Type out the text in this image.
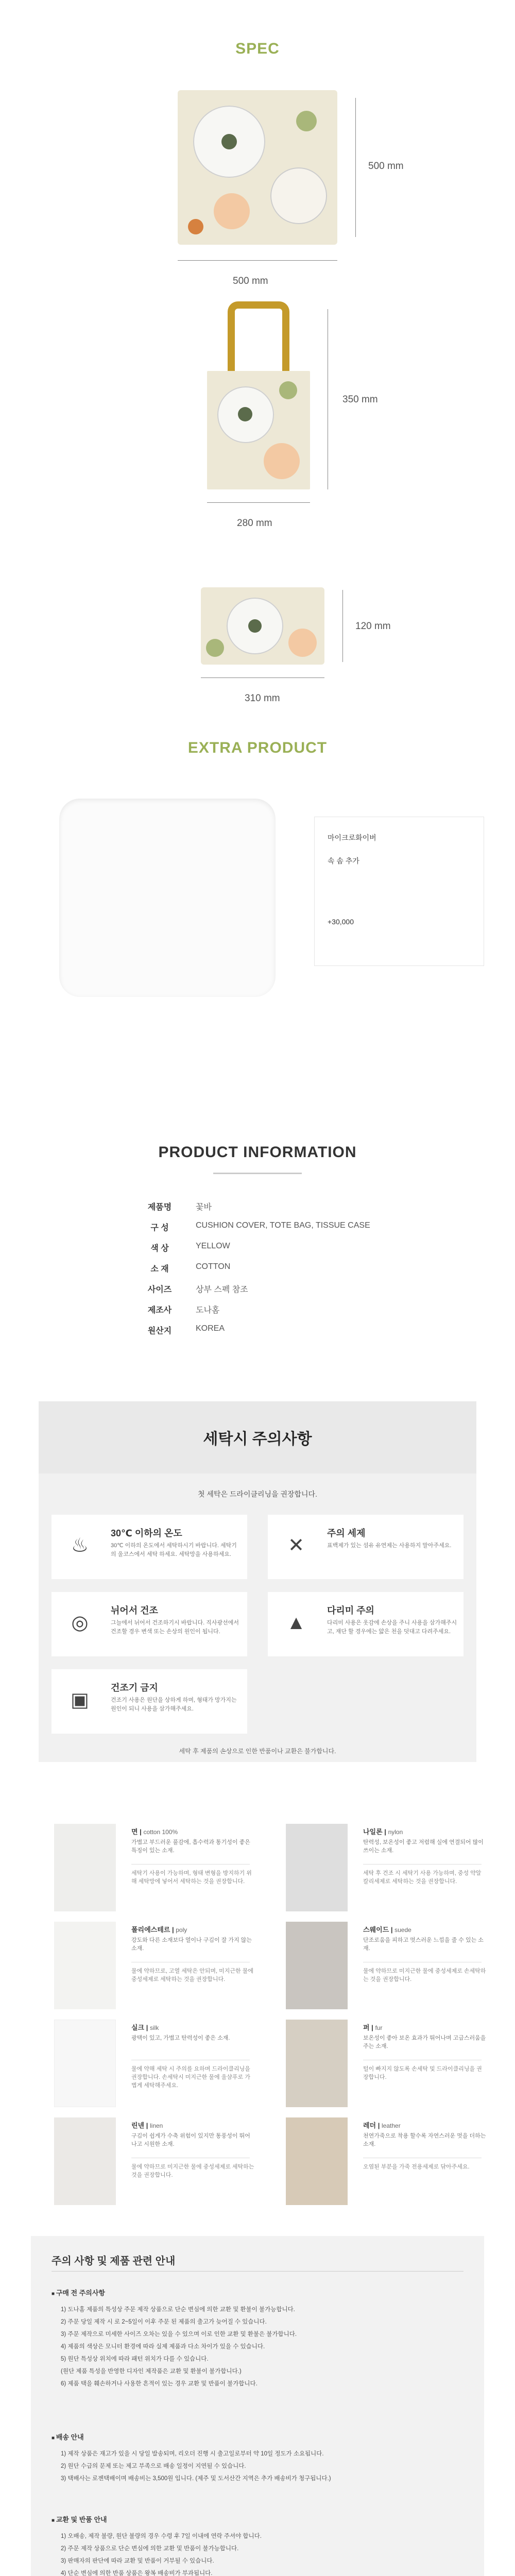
SPEC
500 mm
500 mm
350 mm
280 mm
120 mm
310 mm
EXTRA PRODUCT

마이크로화이버

속 솜 추가

+30,000

PRODUCT INFORMATION
제품명	꽃바
구 성	CUSHION COVER, TOTE BAG, TISSUE CASE
색 상	YELLOW
소 재	COTTON
사이즈	상부 스펙 참조
제조사	도나홈
원산지	KOREA
세탁시 주의사항
첫 세탁은 드라이클리닝을 권장합니다.
♨
30℃ 이하의 온도
30℃ 이하의 온도에서 세탁하시기 바랍니다. 세탁기의 울코스에서 세탁 하세요. 세탁망을 사용하세요.	✕
주의 세제
표백제가 있는 섬유 유연제는 사용하지 말아주세요.
◎
뉘어서 건조
그늘에서 뉘어서 건조하기시 바랍니다. 직사광선에서 건조할 경우 변색 또는 손상의 원인이 됩니다.	▲
다리미 주의
다리미 사용은 옷감에 손상을 주니 사용을 삼가해주시고, 재단 할 경우에는 얇은 천을 덧대고 다려주세요.
▣
건조기 금지
건조기 사용은 원단을 상하게 하며, 형태가 망가지는 원인이 되니 사용을 삼가해주세요.
세탁 후 제품의 손상으로 인한 반품이나 교환은 불가합니다.
면 | cotton 100%
가볍고 부드러운 풀감에, 흡수력과 통기성이 좋은 특징이 있는 소재.
세탁기 사용이 가능하며, 형태 변형을 방지하기 위해 세탁망에 넣어서 세탁하는 것을 권장합니다.
나일론 | nylon
탄력성, 보온성이 좋고 저렴해 실에 연결되어 많이 쓰이는 소재.
세탁 후 건조 시 세탁기 사용 가능하며, 중성 약알칼리세제로 세탁하는 것을 권장합니다.
폴리에스테르 | poly
강도와 다른 소재보다 열이나 구김이 잘 가지 않는 소재.
물에 약하므로, 고열 세탁은 안되며, 미지근한 물에 중성세제로 세탁하는 것을 권장합니다.
스웨이드 | suede
단조로움을 피하고 멋스러운 느낌을 줄 수 있는 소재.
물에 약하므로 미지근한 물에 중성세제로 손세탁하는 것을 권장합니다.
실크 | silk
광택이 있고, 가볍고 탄력성이 좋은 소재.
물에 약해 세탁 시 주의를 요하며 드라이클리닝을 권장합니다. 손세탁시 미지근한 물에 울샴푸로 가볍게 세탁해주세요.
퍼 | fur
보온성이 좋아 보온 효과가 뛰어나며 고급스러움을 주는 소재.
털이 빠지지 않도록 손세탁 및 드라이클리닝을 권장합니다.
린넨 | linen
구김이 쉽게가 수축 위험이 있지만 통풍성이 뛰어나고 시원한 소재.
물에 약하므로 미지근한 물에 중성세제로 세탁하는 것을 권장합니다.
레더 | leather
천연가죽으로 착용 할수록 자연스러운 멋을 더하는 소재.
오염된 부분을 가죽 전용세제로 닦아주세요.
주의 사항 및 제품 관련 안내
■ 구매 전 주의사항

1) 도나홈 제품의 특성상 주문 제작 상품으로 단순 변심에 의한 교환 및 환불이 불가능합니다.

2) 주문 당일 제작 시 로 2~5일이 이후 주문 된 제품의 출고가 늦어질 수 있습니다.

3) 주문 제작으로 미세한 사이즈 오차는 있을 수 있으며 이로 인한 교환 및 환불은 불가합니다.

4) 제품의 색상은 모니터 환경에 따라 실제 제품과 다소 차이가 있을 수 있습니다.

5) 원단 특성상 위치에 따라 패턴 위치가 다를 수 있습니다.

(원단 제품 특성을 반영한 디자인 제작품은 교환 및 환불이 불가합니다.)

6) 제품 택을 훼손하거나 사용한 흔적이 있는 경우 교환 및 반품이 불가합니다.

■ 배송 안내

1) 제작 상품은 재고가 있을 시 당일 발송되며, 리오더 진행 시 출고일로부터 약 10일 정도가 소요됩니다.

2) 원단 수급의 문제 또는 제고 부족으로 배송 일정이 지연될 수 있습니다.

3) 택배사는 로젠택배이며 배송비는 3,500원 입니다. (제주 및 도서산간 지역은 추가 배송비가 청구됩니다.)

■ 교환 및 반품 안내

1) 오배송, 제작 불량, 원단 불량의 경우 수령 후 7일 이내에 연락 주셔야 합니다.

2) 주문 제작 상품으로 단순 변심에 의한 교환 및 반품이 불가능합니다.

3) 판매자의 판단에 따라 교환 및 반품이 거부될 수 있습니다.

4) 단순 변심에 의한 반품 상품은 왕복 배송비가 부과됩니다.
